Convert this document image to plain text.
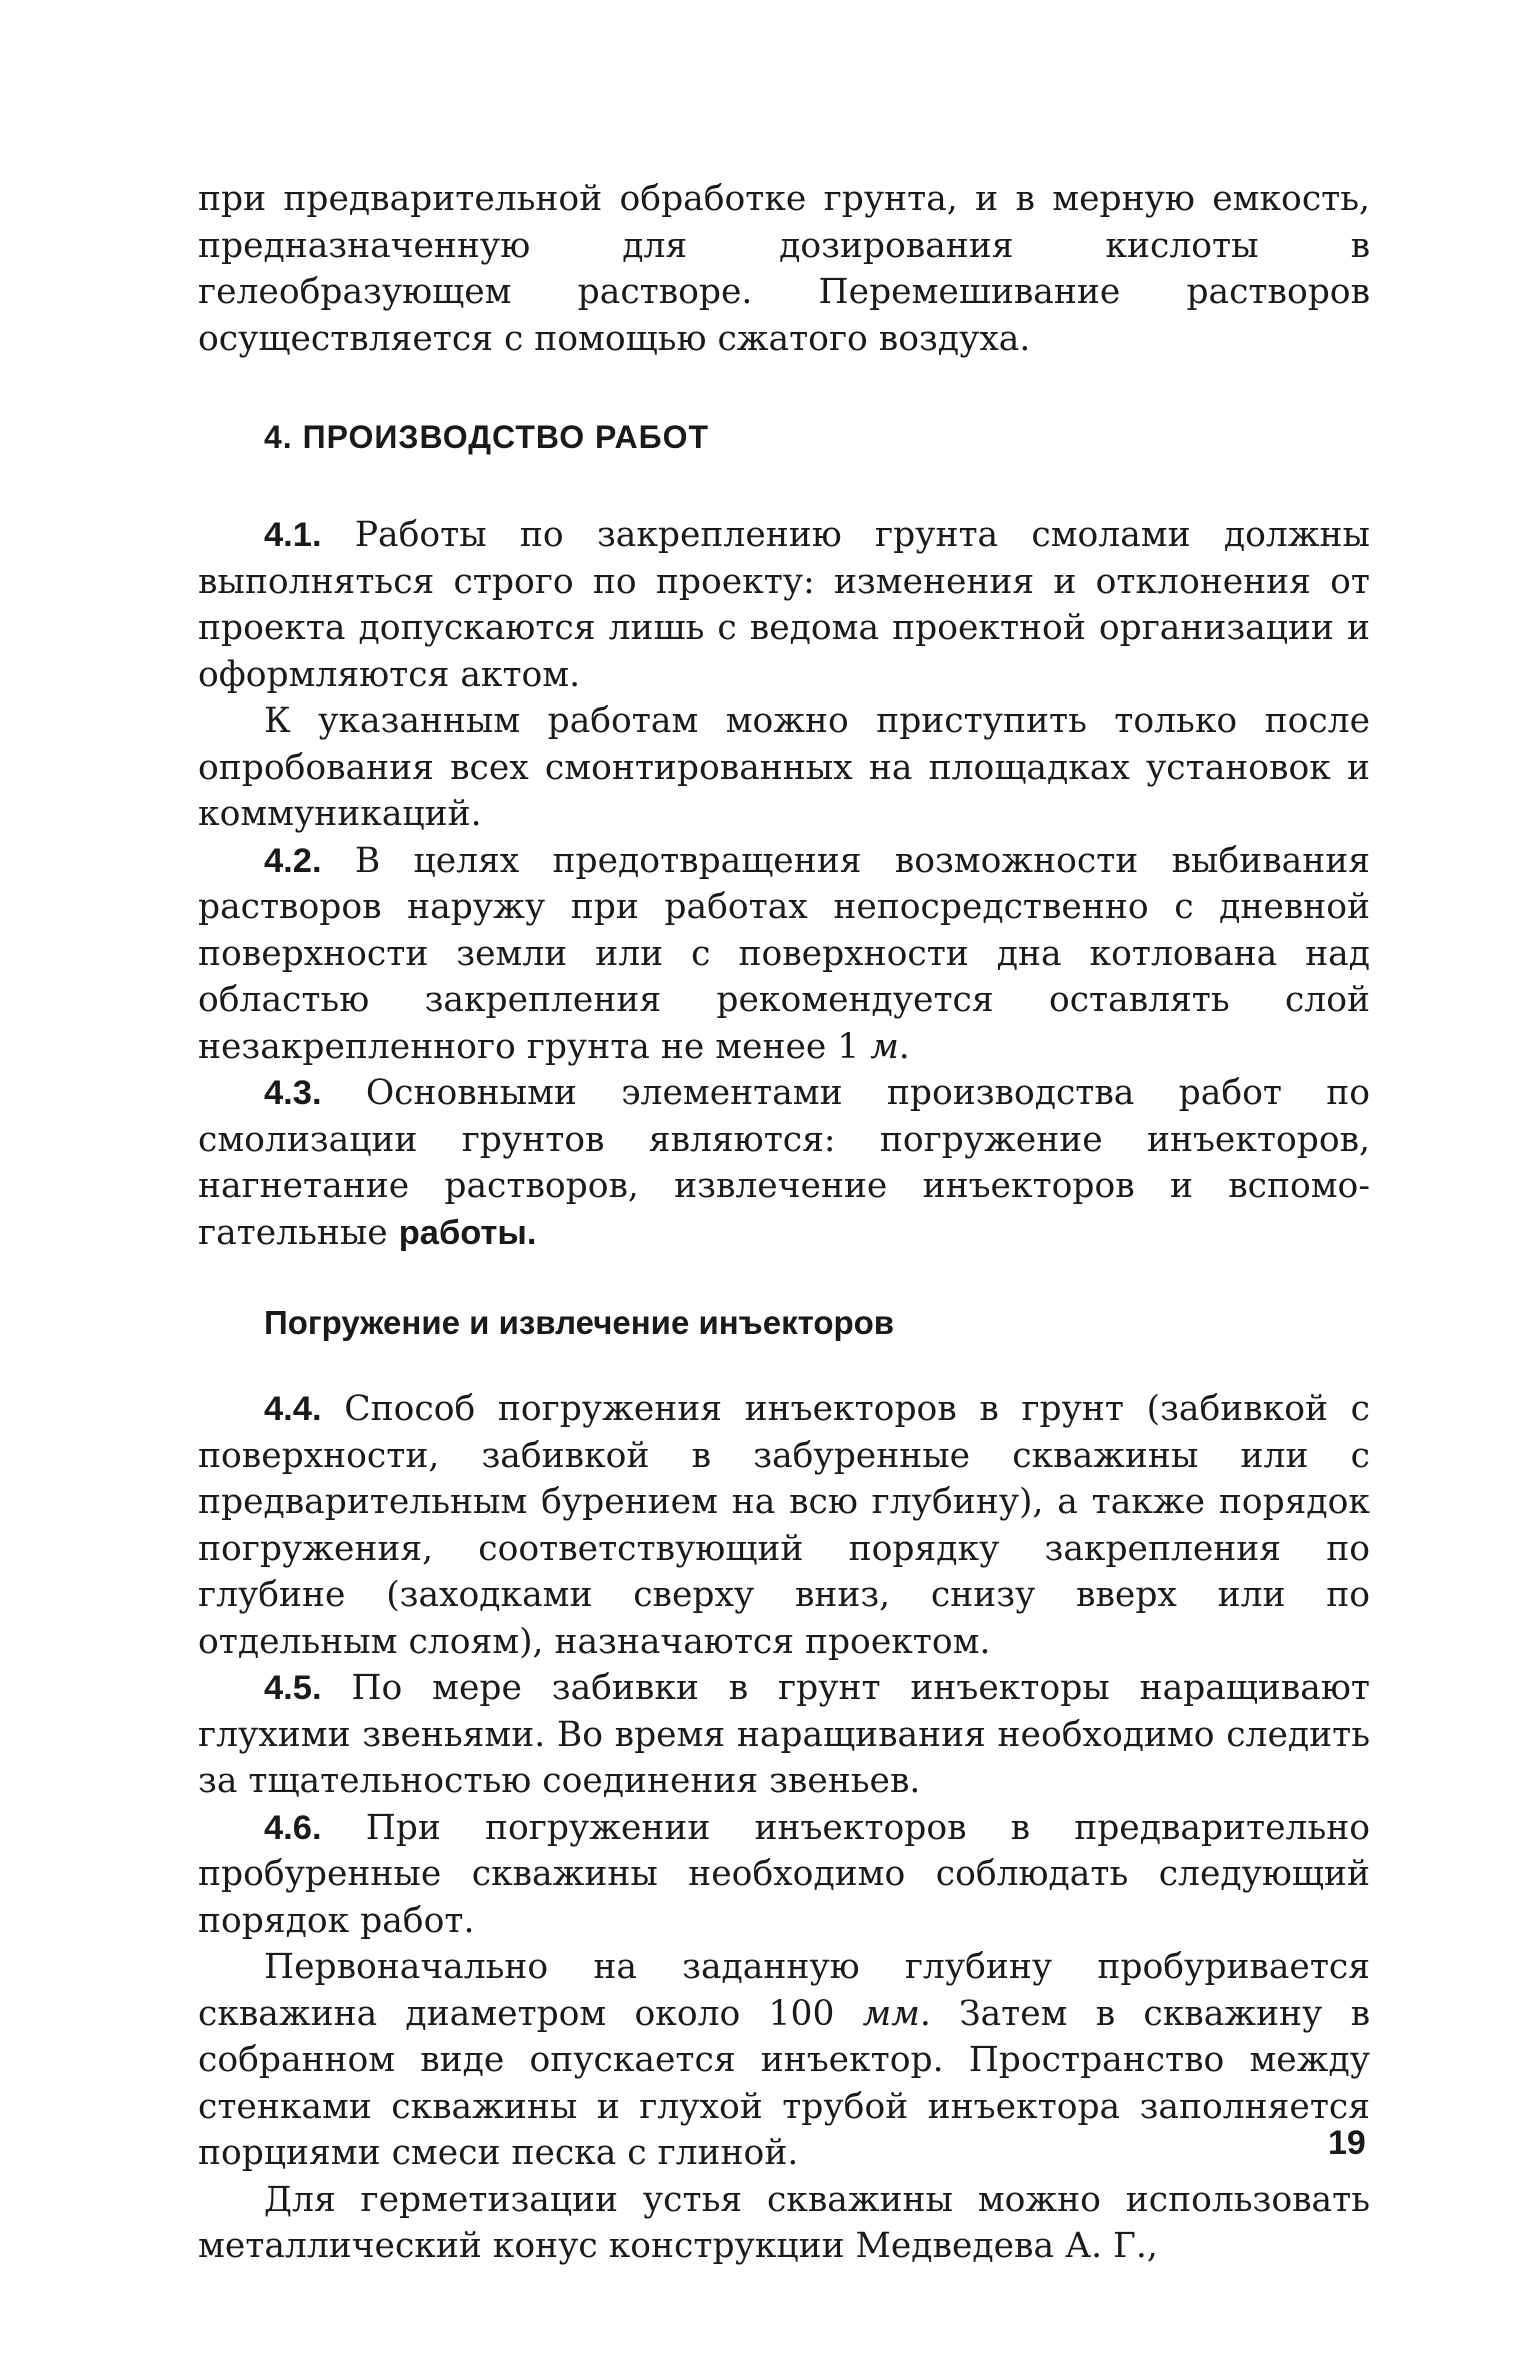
при предварительной обработке грунта, и в мерную емкость, предназначенную для дозирования кислоты в гелеобразующем растворе. Перемешивание растворов осуществляется с помощью сжатого воздуха.

4. ПРОИЗВОДСТВО РАБОТ

4.1. Работы по закреплению грунта смолами должны выполняться строго по проекту: изменения и отклонения от проекта допускаются лишь с ведома проектной организации и оформляются актом.

К указанным работам можно приступить только после опробования всех смонтированных на площадках установок и коммуникаций.

4.2. В целях предотвращения возможности выбивания растворов наружу при работах непосредственно с дневной поверхности земли или с поверхности дна котлована над областью закрепления рекомендуется оставлять слой незакрепленного грунта не менее 1 м.

4.3. Основными элементами производства работ по смолизации грунтов являются: погружение инъекторов, нагнетание растворов, извлечение инъекторов и вспомогательные работы.

Погружение и извлечение инъекторов

4.4. Способ погружения инъекторов в грунт (забивкой с поверхности, забивкой в забуренные скважины или с предварительным бурением на всю глубину), а также порядок погружения, соответствующий порядку закрепления по глубине (заходками сверху вниз, снизу вверх или по отдельным слоям), назначаются проектом.

4.5. По мере забивки в грунт инъекторы наращивают глухими звеньями. Во время наращивания необходимо следить за тщательностью соединения звеньев.

4.6. При погружении инъекторов в предварительно пробуренные скважины необходимо соблюдать следующий порядок работ.

Первоначально на заданную глубину пробуривается скважина диаметром около 100 мм. Затем в скважину в собранном виде опускается инъектор. Пространство между стенками скважины и глухой трубой инъектора заполняется порциями смеси песка с глиной.

Для герметизации устья скважины можно использовать металлический конус конструкции Медведева А. Г.,

19
